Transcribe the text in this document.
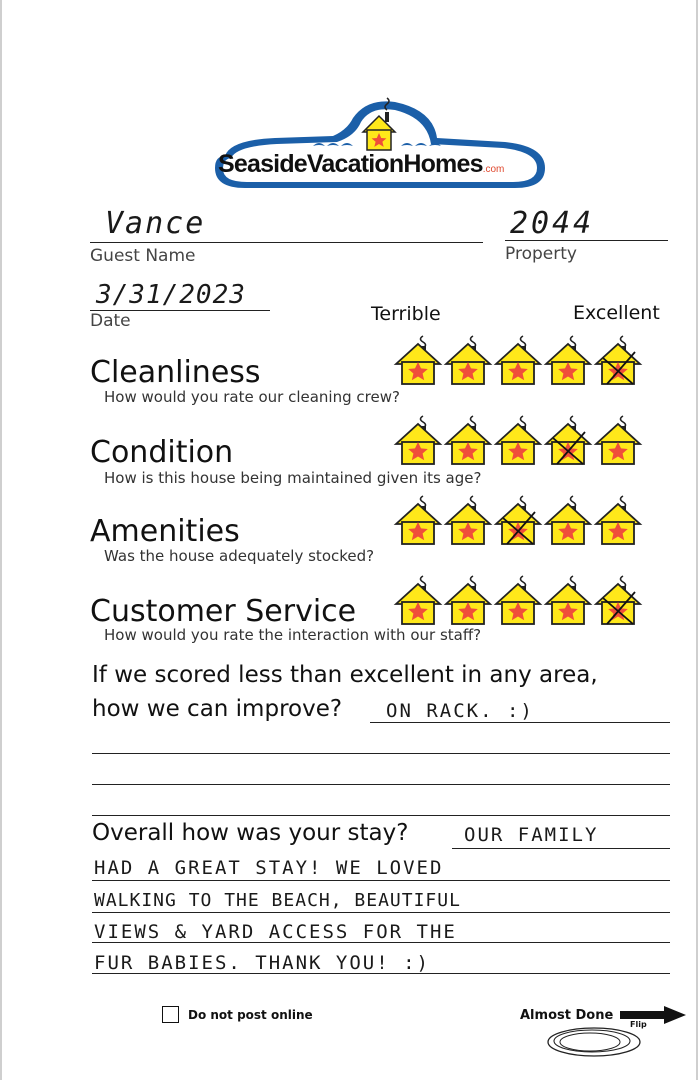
SeasideVacationHomes.com
Vance
Guest Name
2044
Property
3/31/2023
Date	Terrible	Excellent
Cleanliness
How would you rate our cleaning crew?
Condition
How is this house being maintained given its age?
Amenities
Was the house adequately stocked?
Customer Service
How would you rate the interaction with our staff?
If we scored less than excellent in any area,
how we can improve? ON RACK. :)
Overall how was your stay?	OUR FAMILY
HAD A GREAT STAY! WE LOVED
WALKING TO THE BEACH, BEAUTIFUL
VIEWS & YARD ACCESS FOR THE
FUR BABIES. THANK YOU! :)
Do not post online	Almost Done
Flip
